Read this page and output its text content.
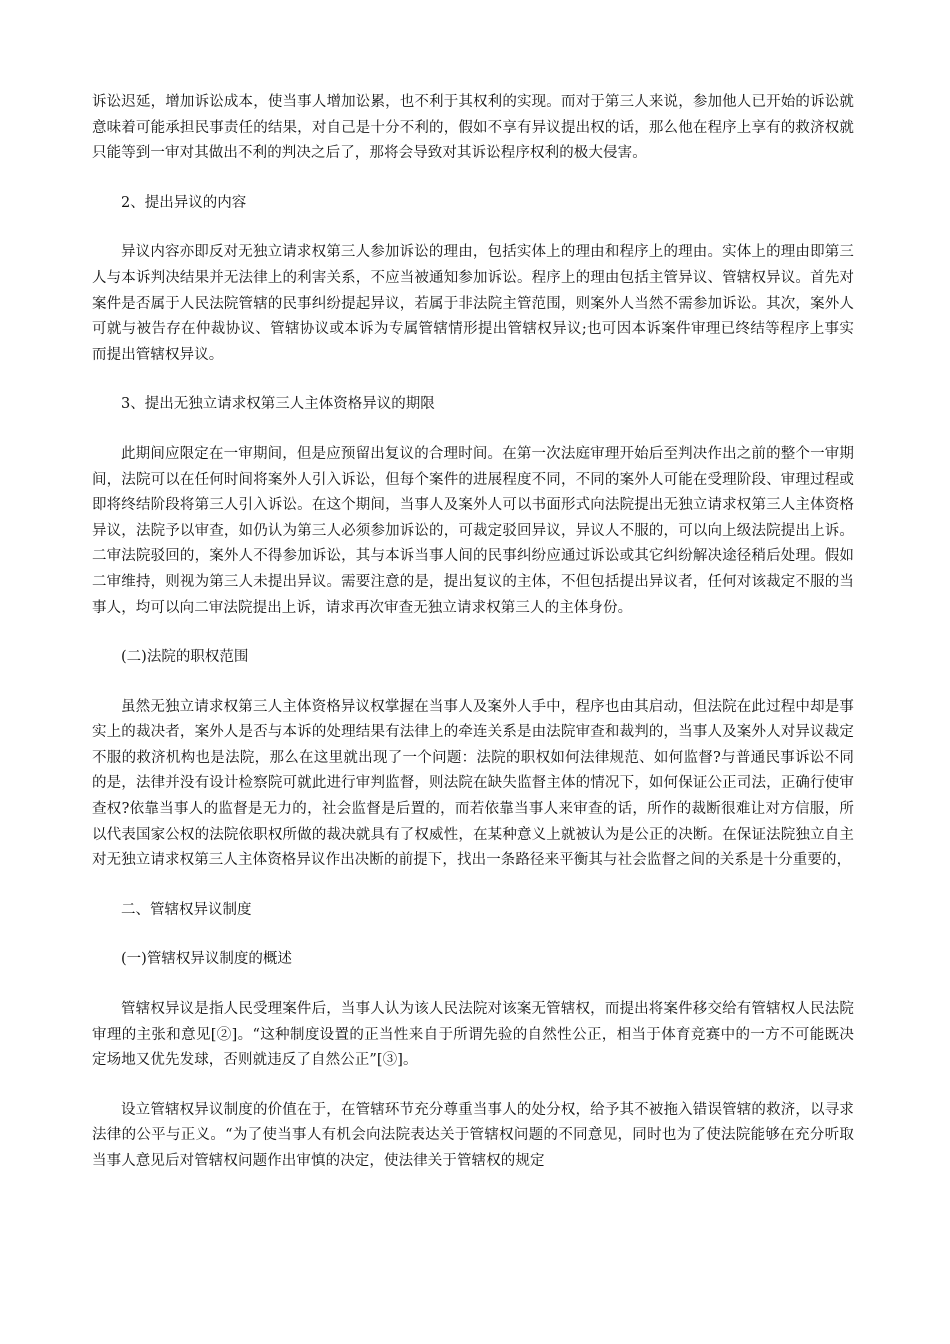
诉讼迟延，增加诉讼成本，使当事人增加讼累，也不利于其权利的实现。而对于第三人来说，参加他人已开始的诉讼就意味着可能承担民事责任的结果，对自己是十分不利的，假如不享有异议提出权的话，那么他在程序上享有的救济权就只能等到一审对其做出不利的判决之后了，那将会导致对其诉讼程序权利的极大侵害。

2、提出异议的内容

异议内容亦即反对无独立请求权第三人参加诉讼的理由，包括实体上的理由和程序上的理由。实体上的理由即第三人与本诉判决结果并无法律上的利害关系，不应当被通知参加诉讼。程序上的理由包括主管异议、管辖权异议。首先对案件是否属于人民法院管辖的民事纠纷提起异议，若属于非法院主管范围，则案外人当然不需参加诉讼。其次，案外人可就与被告存在仲裁协议、管辖协议或本诉为专属管辖情形提出管辖权异议;也可因本诉案件审理已终结等程序上事实而提出管辖权异议。

3、提出无独立请求权第三人主体资格异议的期限

此期间应限定在一审期间，但是应预留出复议的合理时间。在第一次法庭审理开始后至判决作出之前的整个一审期间，法院可以在任何时间将案外人引入诉讼，但每个案件的进展程度不同，不同的案外人可能在受理阶段、审理过程或即将终结阶段将第三人引入诉讼。在这个期间，当事人及案外人可以书面形式向法院提出无独立请求权第三人主体资格异议，法院予以审查，如仍认为第三人必须参加诉讼的，可裁定驳回异议，异议人不服的，可以向上级法院提出上诉。二审法院驳回的，案外人不得参加诉讼，其与本诉当事人间的民事纠纷应通过诉讼或其它纠纷解决途径稍后处理。假如二审维持，则视为第三人未提出异议。需要注意的是，提出复议的主体，不但包括提出异议者，任何对该裁定不服的当事人，均可以向二审法院提出上诉，请求再次审查无独立请求权第三人的主体身份。

(二)法院的职权范围

虽然无独立请求权第三人主体资格异议权掌握在当事人及案外人手中，程序也由其启动，但法院在此过程中却是事实上的裁决者，案外人是否与本诉的处理结果有法律上的牵连关系是由法院审查和裁判的，当事人及案外人对异议裁定不服的救济机构也是法院，那么在这里就出现了一个问题：法院的职权如何法律规范、如何监督?与普通民事诉讼不同的是，法律并没有设计检察院可就此进行审判监督，则法院在缺失监督主体的情况下，如何保证公正司法，正确行使审查权?依靠当事人的监督是无力的，社会监督是后置的，而若依靠当事人来审查的话，所作的裁断很难让对方信服，所以代表国家公权的法院依职权所做的裁决就具有了权威性，在某种意义上就被认为是公正的决断。在保证法院独立自主对无独立请求权第三人主体资格异议作出决断的前提下，找出一条路径来平衡其与社会监督之间的关系是十分重要的，

二、管辖权异议制度

(一)管辖权异议制度的概述

管辖权异议是指人民受理案件后，当事人认为该人民法院对该案无管辖权，而提出将案件移交给有管辖权人民法院审理的主张和意见[②]。“这种制度设置的正当性来自于所谓先验的自然性公正，相当于体育竞赛中的一方不可能既决定场地又优先发球，否则就违反了自然公正”[③]。

设立管辖权异议制度的价值在于，在管辖环节充分尊重当事人的处分权，给予其不被拖入错误管辖的救济，以寻求法律的公平与正义。“为了使当事人有机会向法院表达关于管辖权问题的不同意见，同时也为了使法院能够在充分听取当事人意见后对管辖权问题作出审慎的决定，使法律关于管辖权的规定
